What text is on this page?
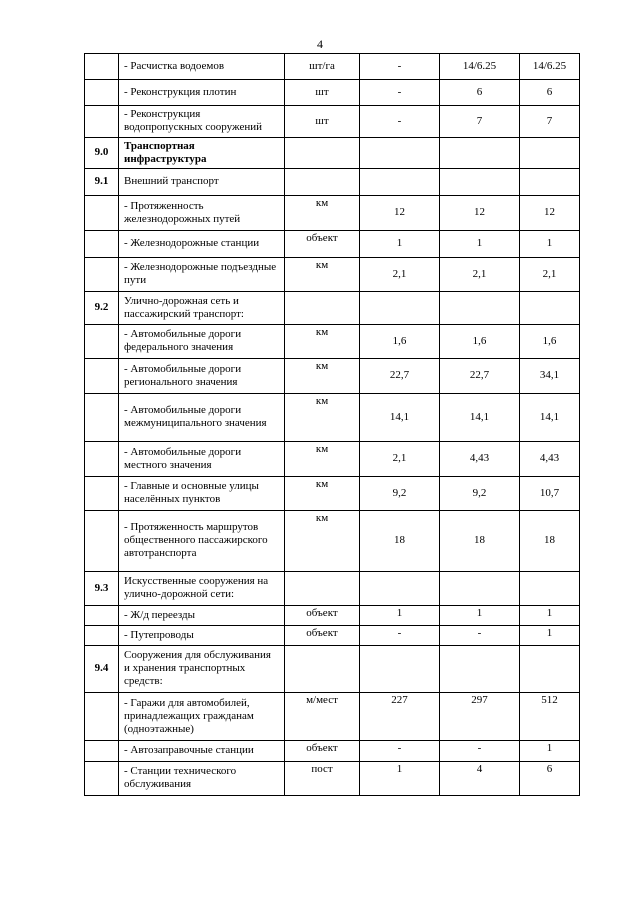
4
	- Расчистка водоемов	шт/га	-	14/6.25	14/6.25
	- Реконструкция плотин	шт	-	6	6
	- Реконструкция водопропускных сооружений	шт	-	7	7
9.0	Транспортная инфраструктура				
9.1	Внешний транспорт				
	- Протяженность железнодорожных путей	км	12	12	12
	- Железнодорожные станции	объект	1	1	1
	- Железнодорожные подъездные пути	км	2,1	2,1	2,1
9.2	Улично-дорожная сеть и пассажирский транспорт:				
	- Автомобильные дороги федерального значения	км	1,6	1,6	1,6
	- Автомобильные дороги регионального значения	км	22,7	22,7	34,1
	- Автомобильные дороги межмуниципального значения	км	14,1	14,1	14,1
	- Автомобильные дороги местного значения	км	2,1	4,43	4,43
	- Главные и основные улицы населённых пунктов	км	9,2	9,2	10,7
	- Протяженность маршрутов общественного пассажирского автотранспорта	км	18	18	18
9.3	Искусственные сооружения на улично-дорожной сети:				
	- Ж/д переезды	объект	1	1	1
	- Путепроводы	объект	-	-	1
9.4	Сооружения для обслуживания и хранения транспортных средств:				
	- Гаражи для автомобилей, принадлежащих гражданам (одноэтажные)	м/мест	227	297	512
	- Автозаправочные станции	объект	-	-	1
	- Станции технического обслуживания	пост	1	4	6
